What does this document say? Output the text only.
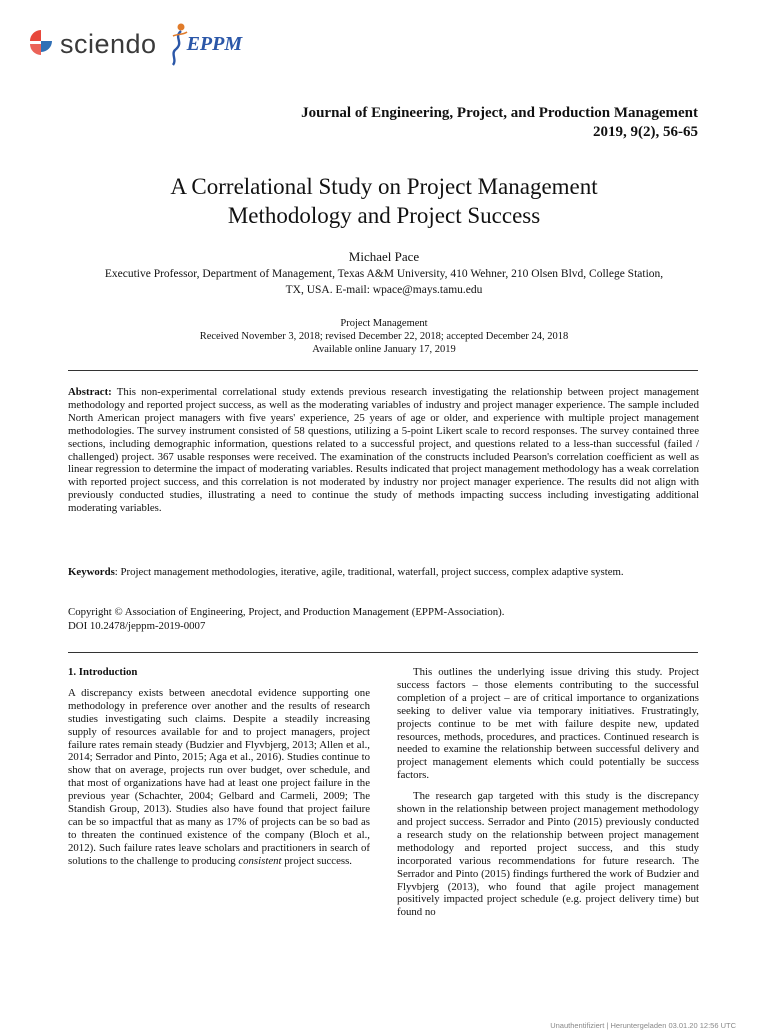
sciendo EPPM
Journal of Engineering, Project, and Production Management
2019, 9(2), 56-65
A Correlational Study on Project Management
Methodology and Project Success
Michael Pace
Executive Professor, Department of Management, Texas A&M University, 410 Wehner, 210 Olsen Blvd, College Station,
TX, USA. E-mail: wpace@mays.tamu.edu
Project Management
Received November 3, 2018; revised December 22, 2018; accepted December 24, 2018
Available online January 17, 2019
Abstract: This non-experimental correlational study extends previous research investigating the relationship between project management methodology and reported project success, as well as the moderating variables of industry and project manager experience. The sample included North American project managers with five years' experience, 25 years of age or older, and experience with multiple project management methodologies. The survey instrument consisted of 58 questions, utilizing a 5-point Likert scale to record responses. The survey contained three sections, including demographic information, questions related to a successful project, and questions related to a less-than successful (failed / challenged) project. 367 usable responses were received. The examination of the constructs included Pearson's correlation coefficient as well as linear regression to determine the impact of moderating variables. Results indicated that project management methodology has a weak correlation with reported project success, and this correlation is not moderated by industry nor project manager experience. The results did not align with previously conducted studies, illustrating a need to continue the study of methods impacting success including investigating additional moderating variables.
Keywords: Project management methodologies, iterative, agile, traditional, waterfall, project success, complex adaptive system.
Copyright © Association of Engineering, Project, and Production Management (EPPM-Association).
DOI 10.2478/jeppm-2019-0007
1. Introduction

A discrepancy exists between anecdotal evidence supporting one methodology in preference over another and the results of research studies investigating such claims. Despite a steadily increasing supply of resources available for and to project managers, project failure rates remain steady (Budzier and Flyvbjerg, 2013; Allen et al., 2014; Serrador and Pinto, 2015; Aga et al., 2016). Studies continue to show that on average, projects run over budget, over schedule, and that most of organizations have had at least one project failure in the previous year (Schachter, 2004; Gelbard and Carmeli, 2009; The Standish Group, 2013). Studies also have found that project failure can be so impactful that as many as 17% of projects can be so bad as to threaten the continued existence of the company (Bloch et al., 2012). Such failure rates leave scholars and practitioners in search of solutions to the challenge to producing consistent project success.

This outlines the underlying issue driving this study. Project success factors – those elements contributing to the successful completion of a project – are of critical importance to organizations seeking to deliver value via temporary initiatives. Frustratingly, projects continue to be met with failure despite new, updated resources, methods, procedures, and practices. Continued research is needed to examine the relationship between successful delivery and project management elements which could potentially be success factors.

The research gap targeted with this study is the discrepancy shown in the relationship between project management methodology and project success. Serrador and Pinto (2015) previously conducted a research study on the relationship between project management methodology and reported project success, and this study incorporated various recommendations for future research. The Serrador and Pinto (2015) findings furthered the work of Budzier and Flyvbjerg (2013), who found that agile project management positively impacted project schedule (e.g. project delivery time) but found no

Unauthentifiziert | Heruntergeladen 03.01.20 12:56 UTC
